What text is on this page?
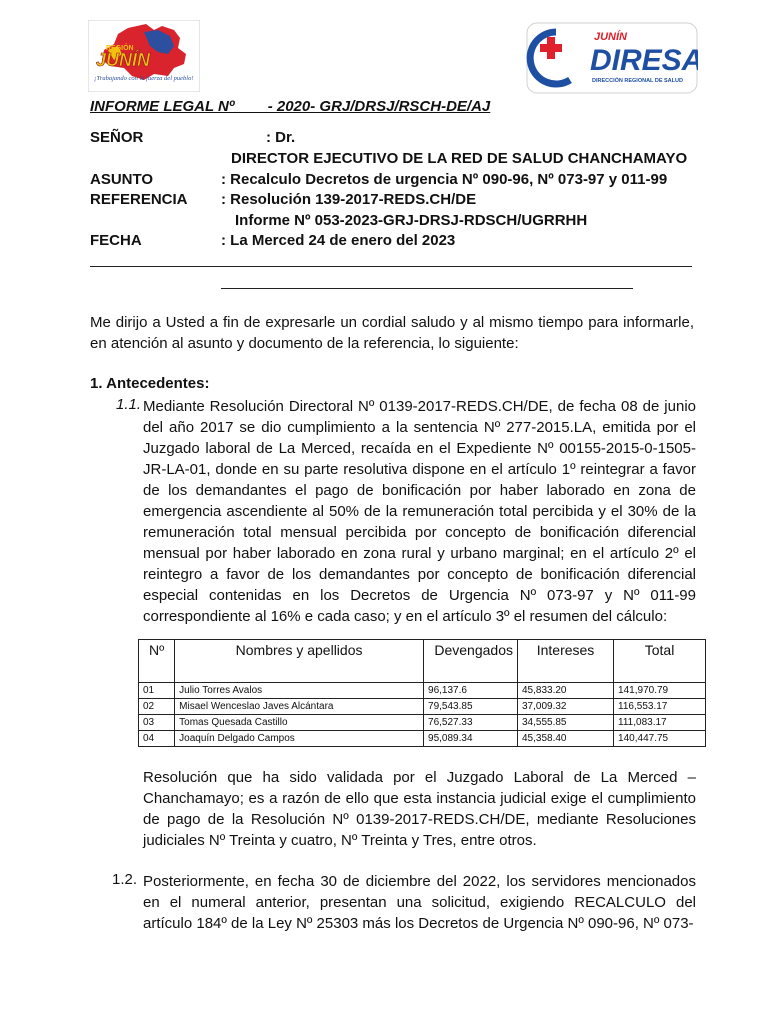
REGIÓN
JUNÍN
¡Trabajando con la fuerza del pueblo!
JUNÍN
DIRESA
DIRECCIÓN REGIONAL DE SALUD
INFORME LEGAL Nº        - 2020- GRJ/DRSJ/RSCH-DE/AJ
SEÑOR	: Dr.
DIRECTOR EJECUTIVO DE LA RED DE SALUD CHANCHAMAYO
ASUNTO	: Recalculo Decretos de urgencia Nº 090-96, Nº 073-97 y 011-99
REFERENCIA : Resolución 139-2017-REDS.CH/DE
Informe Nº 053-2023-GRJ-DRSJ-RDSCH/UGRRHH
FECHA	: La Merced 24 de enero del 2023
Me dirijo a Usted a fin de expresarle un cordial saludo y al mismo tiempo para informarle, en atención al asunto y documento de la referencia, lo siguiente:
1. Antecedentes:
1.1. Mediante Resolución Directoral Nº 0139-2017-REDS.CH/DE, de fecha 08 de junio del año 2017 se dio cumplimiento a la sentencia Nº 277-2015.LA, emitida por el Juzgado laboral de La Merced, recaída en el Expediente Nº 00155-2015-0-1505-JR-LA-01, donde en su parte resolutiva dispone en el artículo 1º reintegrar a favor de los demandantes el pago de bonificación por haber laborado en zona de emergencia ascendiente al 50% de la remuneración total percibida y el 30% de la remuneración total mensual percibida por concepto de bonificación diferencial mensual por haber laborado en zona rural y urbano marginal; en el artículo 2º el reintegro a favor de los demandantes por concepto de bonificación diferencial especial contenidas en los Decretos de Urgencia Nº 073-97 y Nº 011-99 correspondiente al 16% e cada caso; y en el artículo 3º el resumen del cálculo:
Nº	Nombres y apellidos	Devengados	Intereses	Total
01	Julio Torres Avalos	96,137.6	45,833.20	141,970.79
02	Misael Wenceslao Javes Alcántara	79,543.85	37,009.32	116,553.17
03	Tomas Quesada Castillo	76,527.33	34,555.85	111,083.17
04	Joaquín Delgado Campos	95,089.34	45,358.40	140,447.75
Resolución que ha sido validada por el Juzgado Laboral de La Merced – Chanchamayo; es a razón de ello que esta instancia judicial exige el cumplimiento de pago de la Resolución Nº 0139-2017-REDS.CH/DE, mediante Resoluciones judiciales Nº Treinta y cuatro, Nº Treinta y Tres, entre otros.
1.2. Posteriormente, en fecha 30 de diciembre del 2022, los servidores mencionados en el numeral anterior, presentan una solicitud, exigiendo RECALCULO del artículo 184º de la Ley Nº 25303 más los Decretos de Urgencia Nº 090-96, Nº 073-
